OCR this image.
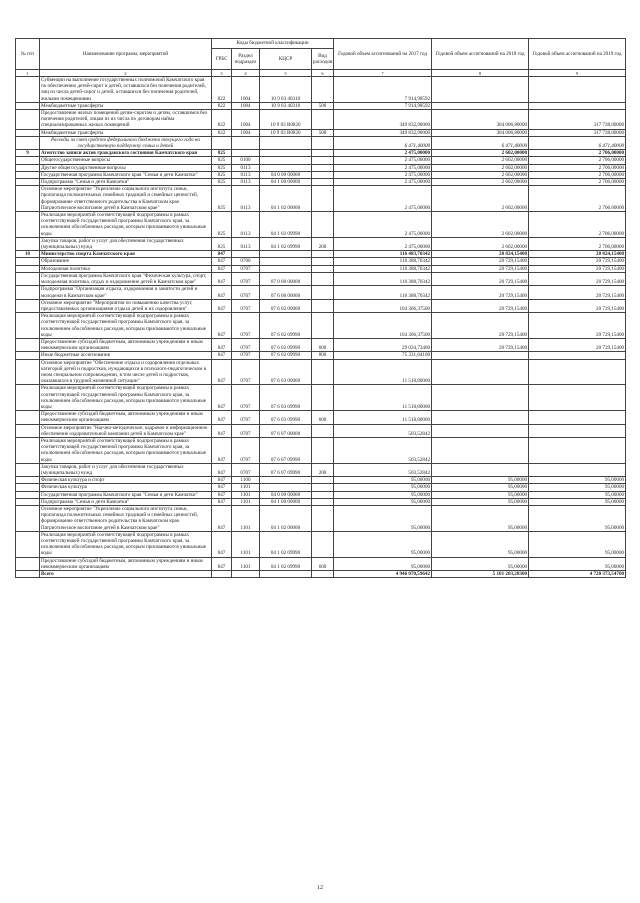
№ п/п	Наименование программ, мероприятий	Коды бюджетной классификации				Годовой объем ассигнований на 2017 год	Годовой объем ассигнований на 2018 год	Годовой объем ассигнований на 2019 год
		ГРБС	Раздел подраздел	КЦСР	Вид расходов			
1	2	3	4	5	6	7	8	9
	Субвенции на выполнение государственных полномочий Камчатского края по обеспечению детей-сирот и детей, оставшихся без попечения родителей, лиц из числа детей-сирот и детей, оставшихся без попечения родителей, жилыми помещениями	822	1004	10 9 03 40310		7 914,98592		
	Межбюджетные трансферты	822	1004	10 9 03 40310	500	7 914,98592		
	Предоставление жилых помещений детям-сиротам и детям, оставшимся без попечения родителей, лицам из их числа по договорам найма специализированных жилых помещений	822	1004	10 9 03 R0820		349 832,90000	304 006,80000	317 738,00000
	Межбюджетные трансферты	822	1004	10 9 03 R0820	500	349 832,90000	304 006,80000	317 738,00000
	Расходы за счет средств федерального бюджета текущего года на государственную поддержку семьи и детей					6 471,40000	6 471,40000	6 471,40000
9	Агентство записи актов гражданского состояния Камчатского края	825				2 475,00000	2 602,00000	2 706,00000
	Общегосударственные вопросы	825	0100			2 475,00000	2 602,00000	2 706,00000
	Другие общегосударственные вопросы	825	0113			2 475,00000	2 602,00000	2 706,00000
	Государственная программа Камчатского края "Семья и дети Камчатки"	825	0113	04 0 00 00000		2 475,00000	2 602,00000	2 706,00000
	Подпрограмма "Семья и дети Камчатки"	825	0113	04 1 00 00000		2 475,00000	2 602,00000	2 706,00000
	Основное мероприятие "Укрепление социального института семьи, пропаганда положительных семейных традиций и семейных ценностей, формирование ответственного родительства в Камчатском крае. Патриотическое воспитание детей в Камчатском крае"	825	0113	04 1 02 00000		2 475,00000	2 602,00000	2 706,00000
	Реализация мероприятий соответствующей подпрограммы в рамках соответствующей государственной программы Камчатского края, за исключением обособленных расходов, которым присваиваются уникальные коды	825	0113	04 1 02 09990		2 475,00000	2 602,00000	2 706,00000
	Закупка товаров, работ и услуг для обеспечения государственных (муниципальных) нужд	825	0113	04 1 02 09990	200	2 475,00000	2 602,00000	2 706,00000
10	Министерство спорта Камчатского края	847				116 483,70342	20 824,15400	20 824,15400
	Образование	847	0700			116 388,70342	20 729,15400	20 729,15400
	Молодежная политика	847	0707			116 388,70342	20 729,15400	20 729,15400
	Государственная программа Камчатского края "Физическая культура, спорт, молодежная политика, отдых и оздоровление детей в Камчатском крае"	847	0707	07 0 00 00000		116 388,70342	20 729,15400	20 729,15400
	Подпрограмма "Организация отдыха, оздоровления и занятости детей и молодежи в Камчатском крае"	847	0707	07 6 00 00000		116 388,70342	20 729,15400	20 729,15400
	Основное мероприятие "Мероприятия по повышению качества услуг, предоставляемых организациями отдыха детей и их оздоровления"	847	0707	07 6 02 00000		104 366,37500	20 729,15400	20 729,15400
	Реализация мероприятий соответствующей подпрограммы в рамках соответствующей государственной программы Камчатского края, за исключением обособленных расходов, которым присваиваются уникальные коды	847	0707	07 6 02 09990		104 366,37500	20 729,15400	20 729,15400
	Предоставление субсидий бюджетным, автономным учреждениям и иным некоммерческим организациям	847	0707	07 6 02 09990	600	29 034,73400	20 729,15400	20 729,15400
	Иные бюджетные ассигнования	847	0707	07 6 02 09990	800	75 331,64100		
	Основное мероприятие "Обеспечение отдыха и оздоровления отдельных категорий детей и подростков, нуждающихся в психолого-педагогическом и ином специальном сопровождении, в том числе детей и подростков, оказавшихся в трудной жизненной ситуации"	847	0707	07 6 03 00000		11 518,80000		
	Реализация мероприятий соответствующей подпрограммы в рамках соответствующей государственной программы Камчатского края, за исключением обособленных расходов, которым присваиваются уникальные коды	847	0707	07 6 03 09990		11 518,80000		
	Предоставление субсидий бюджетным, автономным учреждениям и иным некоммерческим организациям	847	0707	07 6 03 09990	600	11 518,80000		
	Основное мероприятие "Научно-методическое, кадровое и информационное обеспечение оздоровительной кампании детей в Камчатском крае"	847	0707	07 6 07 00000		503,52842		
	Реализация мероприятий соответствующей подпрограммы в рамках соответствующей государственной программы Камчатского края, за исключением обособленных расходов, которым присваиваются уникальные коды	847	0707	07 6 07 09990		503,52842		
	Закупка товаров, работ и услуг для обеспечения государственных (муниципальных) нужд	847	0707	07 6 07 09990	200	503,52842		
	Физическая культура и спорт	847	1100			95,00000	95,00000	95,00000
	Физическая культура	847	1101			95,00000	95,00000	95,00000
	Государственная программа Камчатского края "Семья и дети Камчатки"	847	1101	04 0 00 00000		95,00000	95,00000	95,00000
	Подпрограмма "Семья и дети Камчатки"	847	1101	04 1 00 00000		95,00000	95,00000	95,00000
	Основное мероприятие "Укрепление социального института семьи, пропаганда положительных семейных традиций и семейных ценностей, формирование ответственного родительства в Камчатском крае. Патриотическое воспитание детей в Камчатском крае"	847	1101	04 1 02 00000		95,00000	95,00000	95,00000
	Реализация мероприятий соответствующей подпрограммы в рамках соответствующей государственной программы Камчатского края, за исключением обособленных расходов, которым присваиваются уникальные коды	847	1101	04 1 02 09990		95,00000	95,00000	95,00000
	Предоставление субсидий бюджетным, автономным учреждениям и иным некоммерческим организациям	847	1101	04 1 02 09990	600	95,00000	95,00000	95,00000
	Всего					4 946 070,59642	5 101 203,28300	4 720 373,54700
12
